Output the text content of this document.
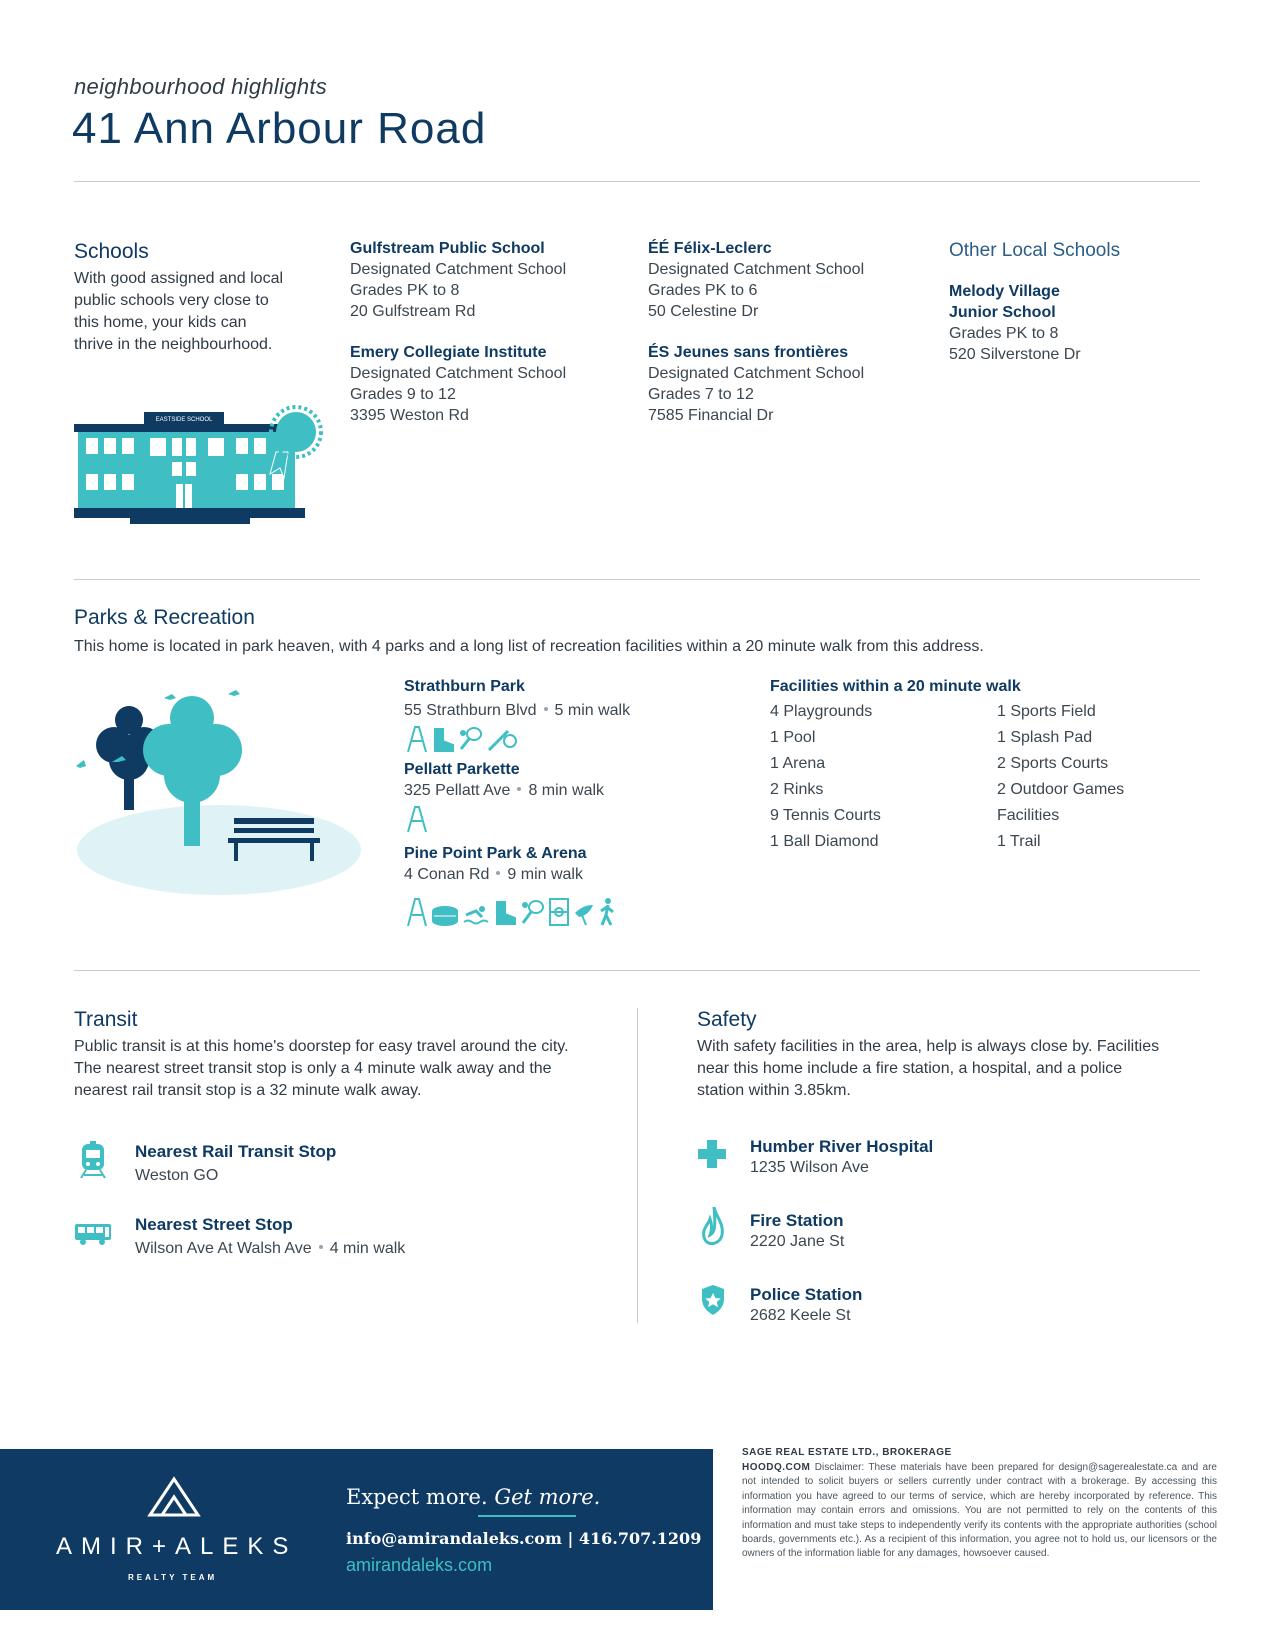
neighbourhood highlights
41 Ann Arbour Road
Schools
With good assigned and local public schools very close to this home, your kids can thrive in the neighbourhood.
EASTSIDE SCHOOL
Gulfstream Public School
Designated Catchment School
Grades PK to 8
20 Gulfstream Rd
Emery Collegiate Institute
Designated Catchment School
Grades 9 to 12
3395 Weston Rd
ÉÉ Félix-Leclerc
Designated Catchment School
Grades PK to 6
50 Celestine Dr
ÉS Jeunes sans frontières
Designated Catchment School
Grades 7 to 12
7585 Financial Dr
Other Local Schools
Melody Village
Junior School
Grades PK to 8
520 Silverstone Dr
Parks & Recreation
This home is located in park heaven, with 4 parks and a long list of recreation facilities within a 20 minute walk from this address.
Strathburn Park
55 Strathburn Blvd 5 min walk
Pellatt Parkette
325 Pellatt Ave 8 min walk
Pine Point Park & Arena
4 Conan Rd 9 min walk
Facilities within a 20 minute walk
4 Playgrounds
1 Pool
1 Arena
2 Rinks
9 Tennis Courts
1 Ball Diamond
1 Sports Field
1 Splash Pad
2 Sports Courts
2 Outdoor Games
Facilities
1 Trail
Transit
Public transit is at this home's doorstep for easy travel around the city. The nearest street transit stop is only a 4 minute walk away and the nearest rail transit stop is a 32 minute walk away.
Nearest Rail Transit Stop
Weston GO
Nearest Street Stop
Wilson Ave At Walsh Ave 4 min walk
Safety
With safety facilities in the area, help is always close by. Facilities near this home include a fire station, a hospital, and a police station within 3.85km.
Humber River Hospital
1235 Wilson Ave
Fire Station
2220 Jane St
Police Station
2682 Keele St
AMIR+ALEKS
REALTY TEAM
Expect more. Get more.
info@amirandaleks.com | 416.707.1209
amirandaleks.com
SAGE REAL ESTATE LTD., BROKERAGE
HOODQ.COM Disclaimer: These materials have been prepared for design@sagerealestate.ca and are not intended to solicit buyers or sellers currently under contract with a brokerage. By accessing this information you have agreed to our terms of service, which are hereby incorporated by reference. This information may contain errors and omissions. You are not permitted to rely on the contents of this information and must take steps to independently verify its contents with the appropriate authorities (school boards, governments etc.). As a recipient of this information, you agree not to hold us, our licensors or the owners of the information liable for any damages, howsoever caused.
